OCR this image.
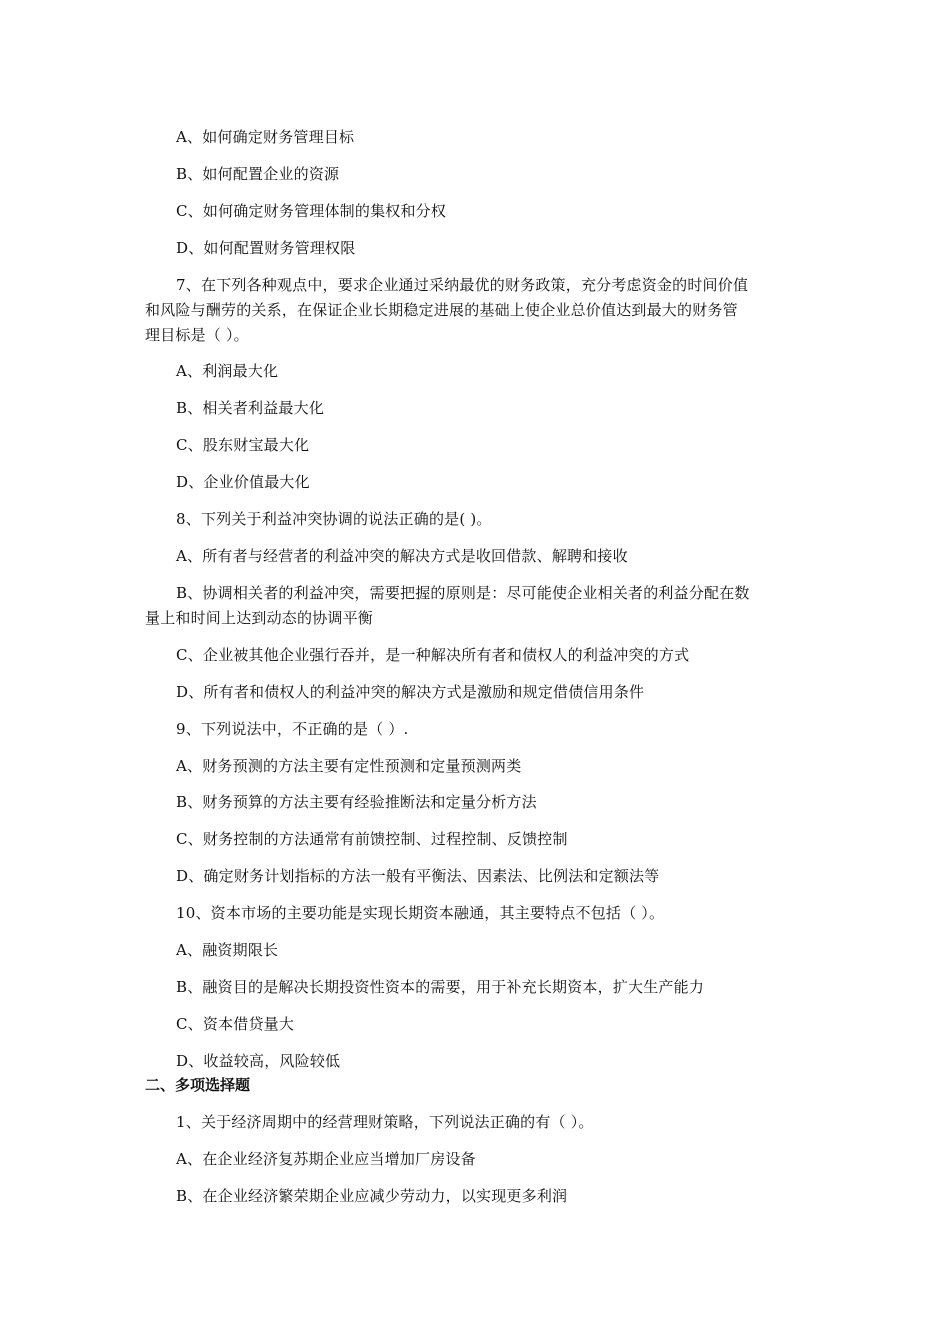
A、如何确定财务管理目标
B、如何配置企业的资源
C、如何确定财务管理体制的集权和分权
D、如何配置财务管理权限
7、在下列各种观点中，要求企业通过采纳最优的财务政策，充分考虑资金的时间价值
和风险与酬劳的关系，在保证企业长期稳定进展的基础上使企业总价值达到最大的财务管
理目标是（ ）。
A、利润最大化
B、相关者利益最大化
C、股东财宝最大化
D、企业价值最大化
8、下列关于利益冲突协调的说法正确的是( )。
A、所有者与经营者的利益冲突的解决方式是收回借款、解聘和接收
B、协调相关者的利益冲突，需要把握的原则是：尽可能使企业相关者的利益分配在数
量上和时间上达到动态的协调平衡
C、企业被其他企业强行吞并，是一种解决所有者和债权人的利益冲突的方式
D、所有者和债权人的利益冲突的解决方式是激励和规定借债信用条件
9、下列说法中，不正确的是（ ）.
A、财务预测的方法主要有定性预测和定量预测两类
B、财务预算的方法主要有经验推断法和定量分析方法
C、财务控制的方法通常有前馈控制、过程控制、反馈控制
D、确定财务计划指标的方法一般有平衡法、因素法、比例法和定额法等
10、资本市场的主要功能是实现长期资本融通，其主要特点不包括（ ）。
A、融资期限长
B、融资目的是解决长期投资性资本的需要，用于补充长期资本，扩大生产能力
C、资本借贷量大
D、收益较高，风险较低
二、多项选择题
1、关于经济周期中的经营理财策略，下列说法正确的有（ ）。
A、在企业经济复苏期企业应当增加厂房设备
B、在企业经济繁荣期企业应减少劳动力，以实现更多利润
